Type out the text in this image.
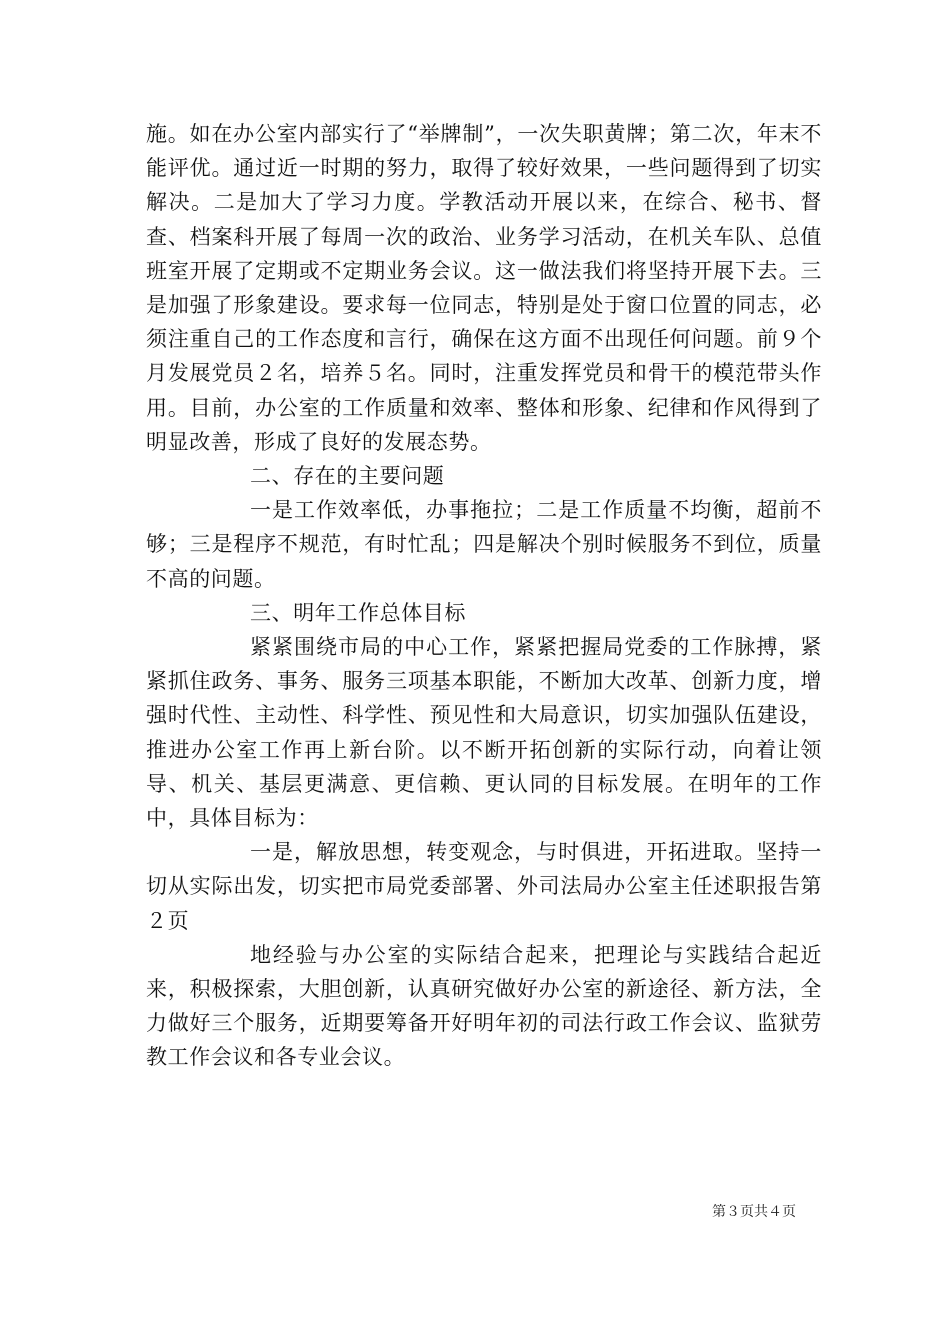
施。如在办公室内部实行了“举牌制”，一次失职黄牌；第二次，年末不能评优。通过近一时期的努力，取得了较好效果，一些问题得到了切实解决。二是加大了学习力度。学教活动开展以来，在综合、秘书、督查、档案科开展了每周一次的政治、业务学习活动，在机关车队、总值班室开展了定期或不定期业务会议。这一做法我们将坚持开展下去。三是加强了形象建设。要求每一位同志，特别是处于窗口位置的同志，必须注重自己的工作态度和言行，确保在这方面不出现任何问题。前９个月发展党员２名，培养５名。同时，注重发挥党员和骨干的模范带头作用。目前，办公室的工作质量和效率、整体和形象、纪律和作风得到了明显改善，形成了良好的发展态势。

二、存在的主要问题

一是工作效率低，办事拖拉；二是工作质量不均衡，超前不够；三是程序不规范，有时忙乱；四是解决个别时候服务不到位，质量不高的问题。

三、明年工作总体目标

紧紧围绕市局的中心工作，紧紧把握局党委的工作脉搏，紧紧抓住政务、事务、服务三项基本职能，不断加大改革、创新力度，增强时代性、主动性、科学性、预见性和大局意识，切实加强队伍建设，推进办公室工作再上新台阶。以不断开拓创新的实际行动，向着让领导、机关、基层更满意、更信赖、更认同的目标发展。在明年的工作中，具体目标为：

一是，解放思想，转变观念，与时俱进，开拓进取。坚持一切从实际出发，切实把市局党委部署、外司法局办公室主任述职报告第２页

地经验与办公室的实际结合起来，把理论与实践结合起近来，积极探索，大胆创新，认真研究做好办公室的新途径、新方法，全力做好三个服务，近期要筹备开好明年初的司法行政工作会议、监狱劳教工作会议和各专业会议。

第３页共４页
